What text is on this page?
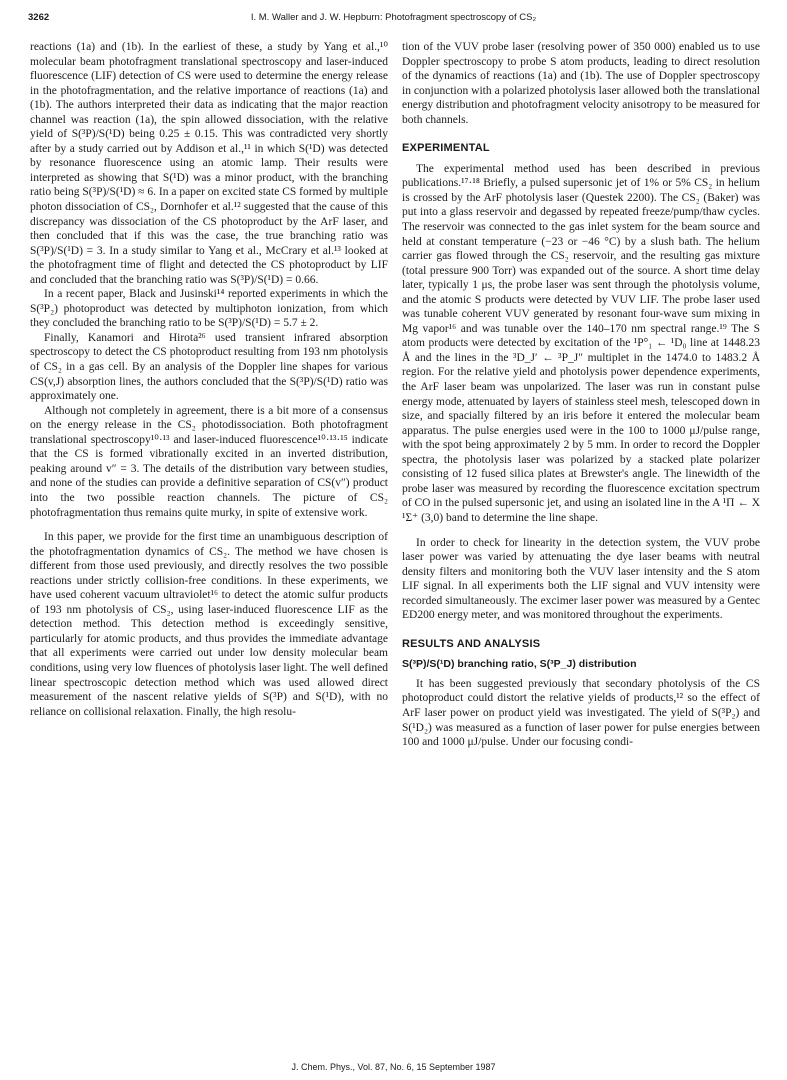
3262	I. M. Waller and J. W. Hepburn: Photofragment spectroscopy of CS₂

reactions (1a) and (1b). In the earliest of these, a study by Yang et al.,¹⁰ molecular beam photofragment translational spectroscopy and laser-induced fluorescence (LIF) detection of CS were used to determine the energy release in the photofragmentation, and the relative importance of reactions (1a) and (1b). The authors interpreted their data as indicating that the major reaction channel was reaction (1a), the spin allowed dissociation, with the relative yield of S(³P)/S(¹D) being 0.25 ± 0.15. This was contradicted very shortly after by a study carried out by Addison et al.,¹¹ in which S(¹D) was detected by resonance fluorescence using an atomic lamp. Their results were interpreted as showing that S(¹D) was a minor product, with the branching ratio being S(³P)/S(¹D) ≈ 6. In a paper on excited state CS formed by multiple photon dissociation of CS₂, Dornhofer et al.¹² suggested that the cause of this discrepancy was dissociation of the CS photoproduct by the ArF laser, and then concluded that if this was the case, the true branching ratio was S(³P)/S(¹D) = 3. In a study similar to Yang et al., McCrary et al.¹³ looked at the photofragment time of flight and detected the CS photoproduct by LIF and concluded that the branching ratio was S(³P)/S(¹D) = 0.66.

In a recent paper, Black and Jusinski¹⁴ reported experiments in which the S(³P₂) photoproduct was detected by multiphoton ionization, from which they concluded the branching ratio to be S(³P)/S(¹D) = 5.7 ± 2.

Finally, Kanamori and Hirota²⁶ used transient infrared absorption spectroscopy to detect the CS photoproduct resulting from 193 nm photolysis of CS₂ in a gas cell. By an analysis of the Doppler line shapes for various CS(v,J) absorption lines, the authors concluded that the S(³P)/S(¹D) ratio was approximately one.

Although not completely in agreement, there is a bit more of a consensus on the energy release in the CS₂ photodissociation. Both photofragment translational spectroscopy¹⁰·¹³ and laser-induced fluorescence¹⁰·¹³·¹⁵ indicate that the CS is formed vibrationally excited in an inverted distribution, peaking around v″ = 3. The details of the distribution vary between studies, and none of the studies can provide a definitive separation of CS(v″) product into the two possible reaction channels. The picture of CS₂ photofragmentation thus remains quite murky, in spite of extensive work.

In this paper, we provide for the first time an unambiguous description of the photofragmentation dynamics of CS₂. The method we have chosen is different from those used previously, and directly resolves the two possible reactions under strictly collision-free conditions. In these experiments, we have used coherent vacuum ultraviolet¹⁶ to detect the atomic sulfur products of 193 nm photolysis of CS₂, using laser-induced fluorescence LIF as the detection method. This detection method is exceedingly sensitive, particularly for atomic products, and thus provides the immediate advantage that all experiments were carried out under low density molecular beam conditions, using very low fluences of photolysis laser light. The well defined linear spectroscopic detection method which was used allowed direct measurement of the nascent relative yields of S(³P) and S(¹D), with no reliance on collisional relaxation. Finally, the high resolu-

tion of the VUV probe laser (resolving power of 350 000) enabled us to use Doppler spectroscopy to probe S atom products, leading to direct resolution of the dynamics of reactions (1a) and (1b). The use of Doppler spectroscopy in conjunction with a polarized photolysis laser allowed both the translational energy distribution and photofragment velocity anisotropy to be measured for both channels.

EXPERIMENTAL

The experimental method used has been described in previous publications.¹⁷·¹⁸ Briefly, a pulsed supersonic jet of 1% or 5% CS₂ in helium is crossed by the ArF photolysis laser (Questek 2200). The CS₂ (Baker) was put into a glass reservoir and degassed by repeated freeze/pump/thaw cycles. The reservoir was connected to the gas inlet system for the beam source and held at constant temperature (−23 or −46 °C) by a slush bath. The helium carrier gas flowed through the CS₂ reservoir, and the resulting gas mixture (total pressure 900 Torr) was expanded out of the source. A short time delay later, typically 1 μs, the probe laser was sent through the photolysis volume, and the atomic S products were detected by VUV LIF. The probe laser used was tunable coherent VUV generated by resonant four-wave sum mixing in Mg vapor¹⁶ and was tunable over the 140–170 nm spectral range.¹⁹ The S atom products were detected by excitation of the ¹P°₁ ← ¹D₀ line at 1448.23 Å and the lines in the ³D_J′ ← ³P_J″ multiplet in the 1474.0 to 1483.2 Å region. For the relative yield and photolysis power dependence experiments, the ArF laser beam was unpolarized. The laser was run in constant pulse energy mode, attenuated by layers of stainless steel mesh, telescoped down in size, and spacially filtered by an iris before it entered the molecular beam apparatus. The pulse energies used were in the 100 to 1000 μJ/pulse range, with the spot being approximately 2 by 5 mm. In order to record the Doppler spectra, the photolysis laser was polarized by a stacked plate polarizer consisting of 12 fused silica plates at Brewster's angle. The linewidth of the probe laser was measured by recording the fluorescence excitation spectrum of CO in the pulsed supersonic jet, and using an isolated line in the A ¹Π ← X ¹Σ⁺ (3,0) band to determine the line shape.

In order to check for linearity in the detection system, the VUV probe laser power was varied by attenuating the dye laser beams with neutral density filters and monitoring both the VUV laser intensity and the S atom LIF signal. In all experiments both the LIF signal and VUV intensity were recorded simultaneously. The excimer laser power was measured by a Gentec ED200 energy meter, and was monitored throughout the experiments.

RESULTS AND ANALYSIS
S(³P)/S(¹D) branching ratio, S(³P_J) distribution

It has been suggested previously that secondary photolysis of the CS photoproduct could distort the relative yields of products,¹² so the effect of ArF laser power on product yield was investigated. The yield of S(³P₂) and S(¹D₂) was measured as a function of laser power for pulse energies between 100 and 1000 μJ/pulse. Under our focusing condi-

J. Chem. Phys., Vol. 87, No. 6, 15 September 1987
